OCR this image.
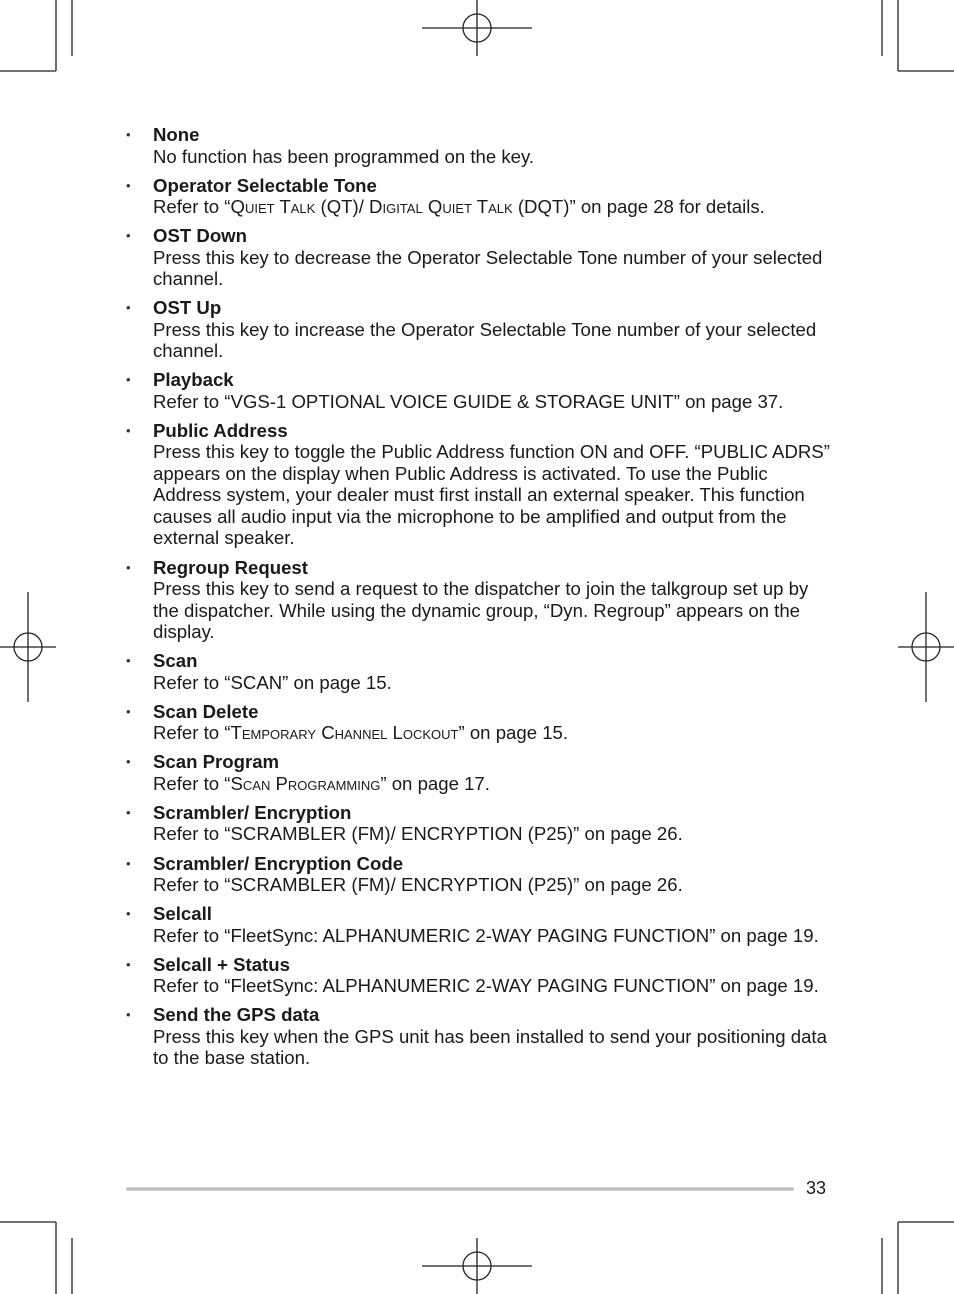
• None
No function has been programmed on the key.
• Operator Selectable Tone
Refer to “Quiet Talk (QT)/ Digital Quiet Talk (DQT)” on page 28 for details.
• OST Down
Press this key to decrease the Operator Selectable Tone number of your selected channel.
• OST Up
Press this key to increase the Operator Selectable Tone number of your selected channel.
• Playback
Refer to “VGS-1 OPTIONAL VOICE GUIDE & STORAGE UNIT” on page 37.
• Public Address
Press this key to toggle the Public Address function ON and OFF. “PUBLIC ADRS” appears on the display when Public Address is activated. To use the Public Address system, your dealer must first install an external speaker. This function causes all audio input via the microphone to be amplified and output from the external speaker.
• Regroup Request
Press this key to send a request to the dispatcher to join the talkgroup set up by the dispatcher. While using the dynamic group, “Dyn. Regroup” appears on the display.
• Scan
Refer to “SCAN” on page 15.
• Scan Delete
Refer to “Temporary Channel Lockout” on page 15.
• Scan Program
Refer to “Scan Programming” on page 17.
• Scrambler/ Encryption
Refer to “SCRAMBLER (FM)/ ENCRYPTION (P25)” on page 26.
• Scrambler/ Encryption Code
Refer to “SCRAMBLER (FM)/ ENCRYPTION (P25)” on page 26.
• Selcall
Refer to “FleetSync: ALPHANUMERIC 2-WAY PAGING FUNCTION” on page 19.
• Selcall + Status
Refer to “FleetSync: ALPHANUMERIC 2-WAY PAGING FUNCTION” on page 19.
• Send the GPS data
Press this key when the GPS unit has been installed to send your positioning data to the base station.
33
